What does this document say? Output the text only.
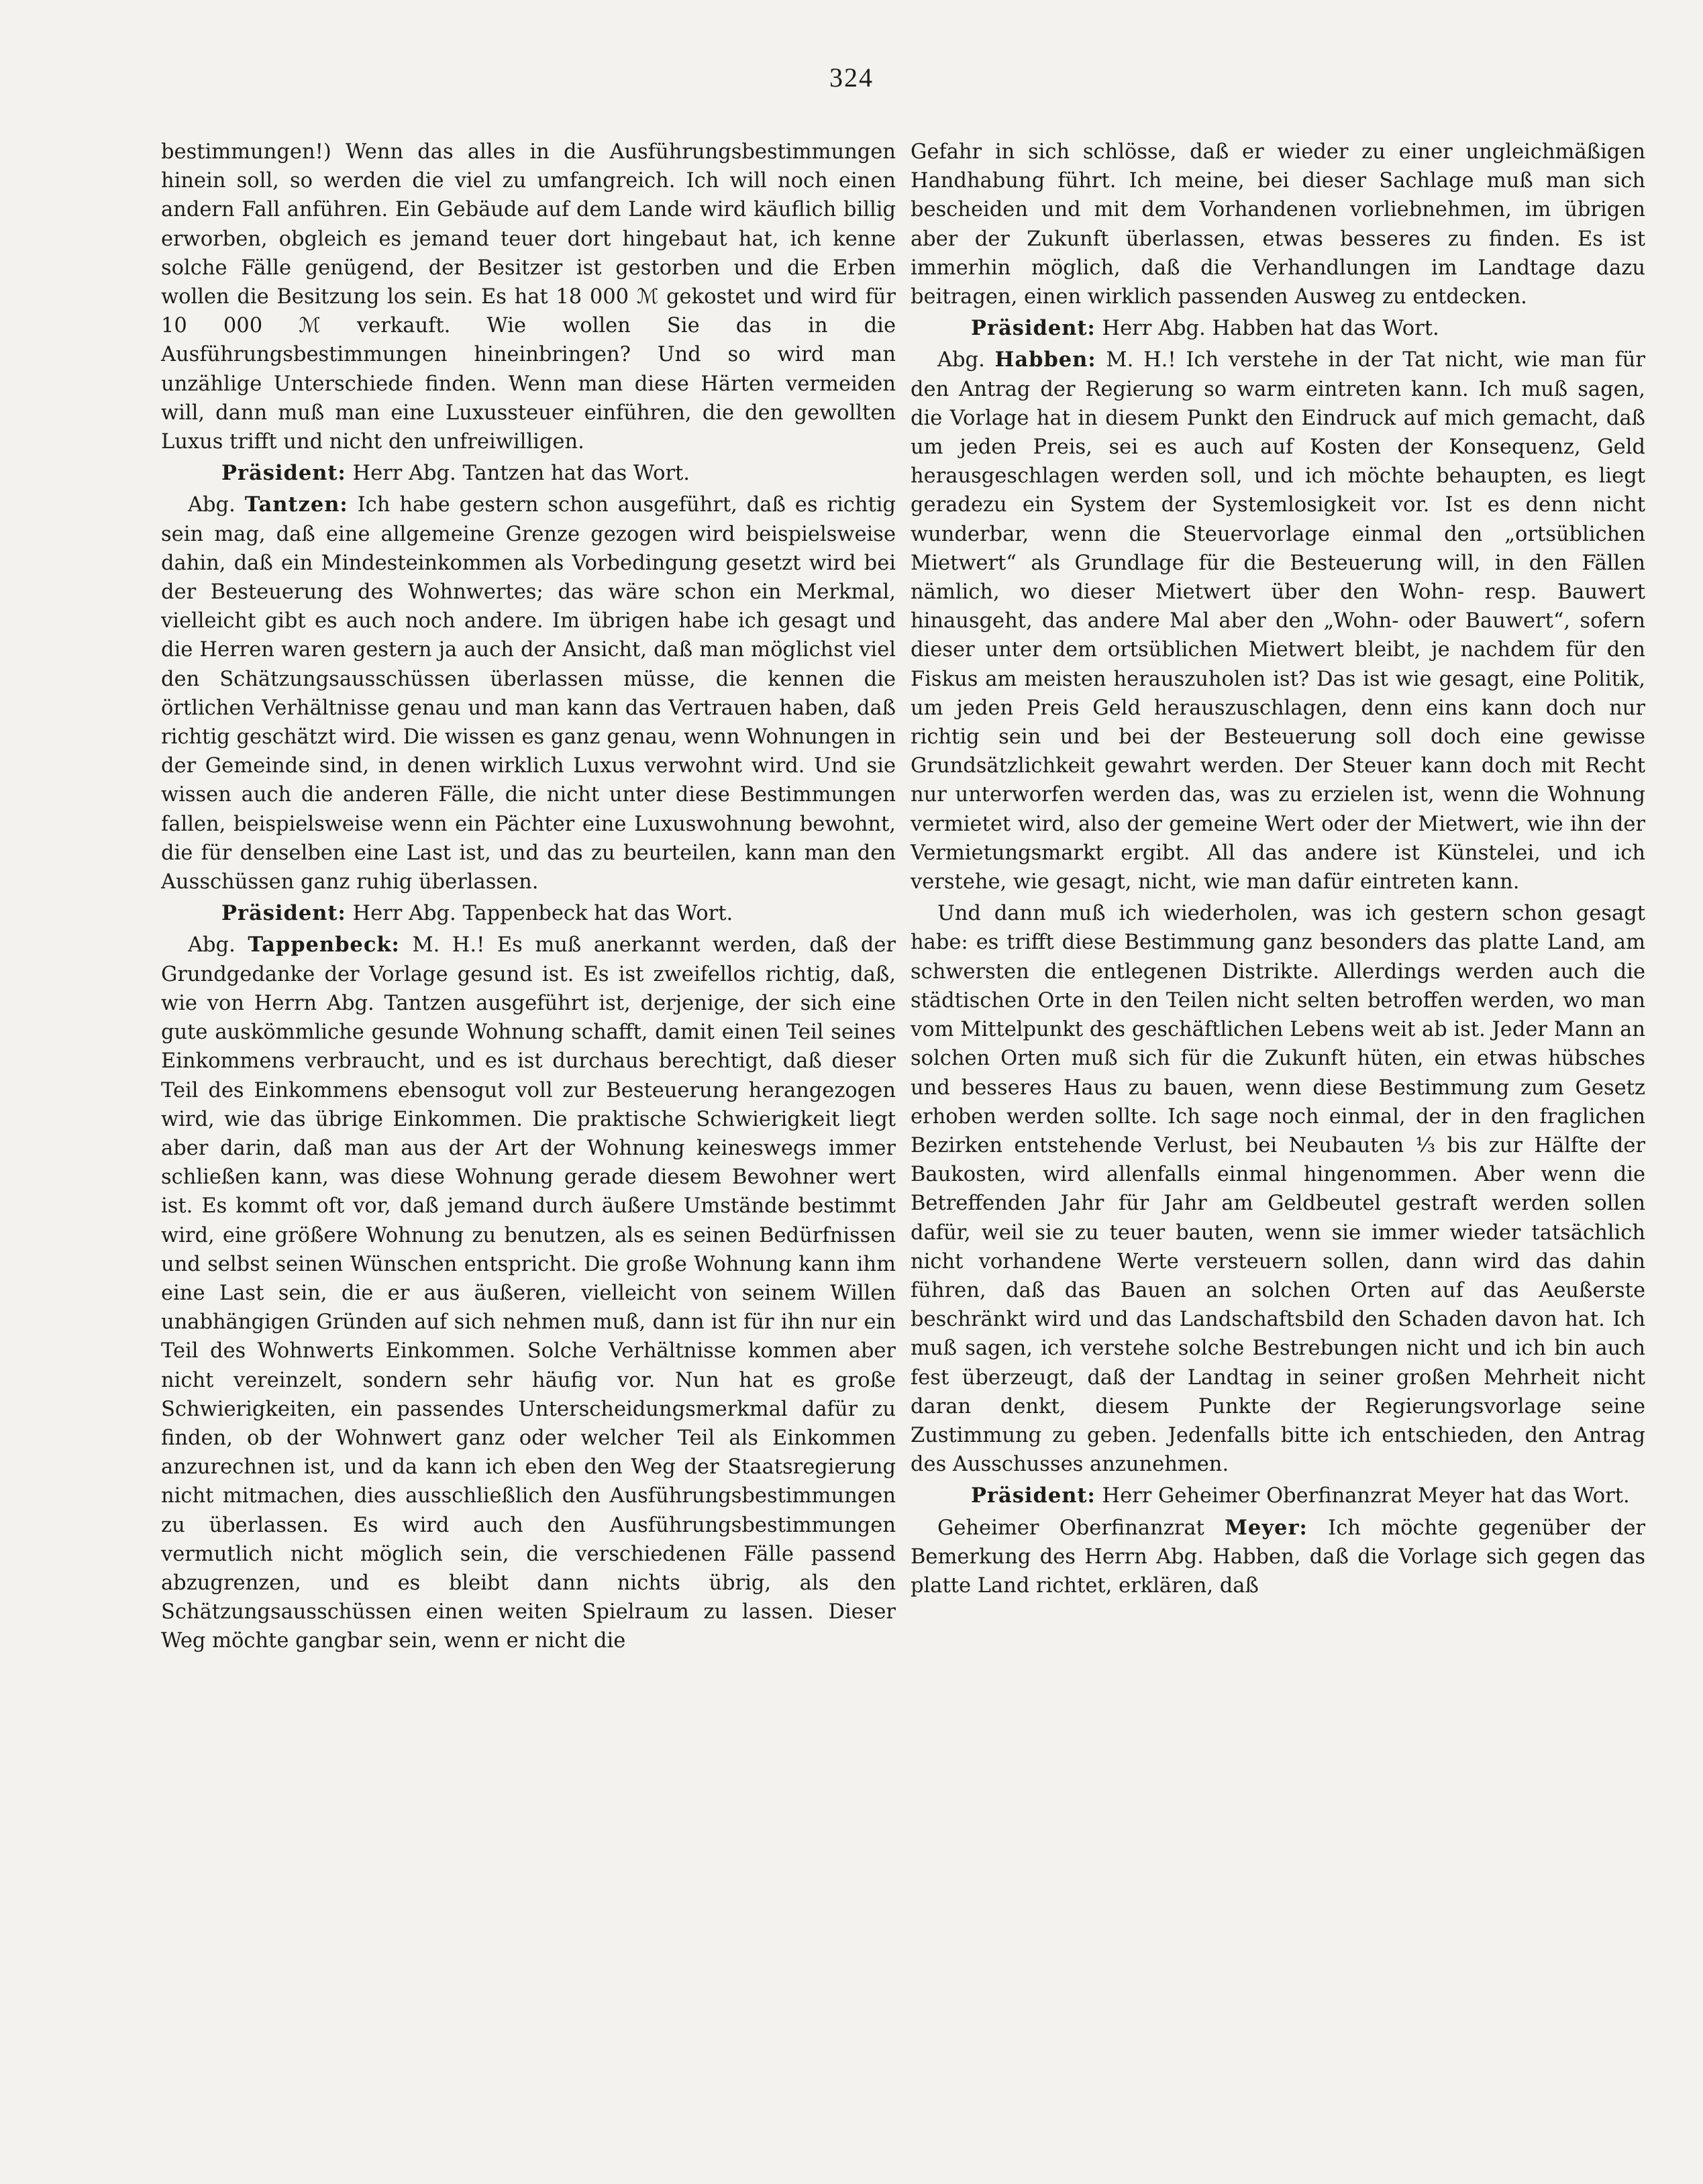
324

bestimmungen!) Wenn das alles in die Ausführungsbestimmungen hinein soll, so werden die viel zu umfangreich. Ich will noch einen andern Fall anführen. Ein Gebäude auf dem Lande wird käuflich billig erworben, obgleich es jemand teuer dort hingebaut hat, ich kenne solche Fälle genügend, der Besitzer ist gestorben und die Erben wollen die Besitzung los sein. Es hat 18 000 ℳ gekostet und wird für 10 000 ℳ verkauft. Wie wollen Sie das in die Ausführungsbestimmungen hineinbringen? Und so wird man unzählige Unterschiede finden. Wenn man diese Härten vermeiden will, dann muß man eine Luxussteuer einführen, die den gewollten Luxus trifft und nicht den unfreiwilligen.

Präsident: Herr Abg. Tantzen hat das Wort.

Abg. Tantzen: Ich habe gestern schon ausgeführt, daß es richtig sein mag, daß eine allgemeine Grenze gezogen wird beispielsweise dahin, daß ein Mindesteinkommen als Vorbedingung gesetzt wird bei der Besteuerung des Wohnwertes; das wäre schon ein Merkmal, vielleicht gibt es auch noch andere. Im übrigen habe ich gesagt und die Herren waren gestern ja auch der Ansicht, daß man möglichst viel den Schätzungsausschüssen überlassen müsse, die kennen die örtlichen Verhältnisse genau und man kann das Vertrauen haben, daß richtig geschätzt wird. Die wissen es ganz genau, wenn Wohnungen in der Gemeinde sind, in denen wirklich Luxus verwohnt wird. Und sie wissen auch die anderen Fälle, die nicht unter diese Bestimmungen fallen, beispielsweise wenn ein Pächter eine Luxuswohnung bewohnt, die für denselben eine Last ist, und das zu beurteilen, kann man den Ausschüssen ganz ruhig überlassen.

Präsident: Herr Abg. Tappenbeck hat das Wort.

Abg. Tappenbeck: M. H.! Es muß anerkannt werden, daß der Grundgedanke der Vorlage gesund ist. Es ist zweifellos richtig, daß, wie von Herrn Abg. Tantzen ausgeführt ist, derjenige, der sich eine gute auskömmliche gesunde Wohnung schafft, damit einen Teil seines Einkommens verbraucht, und es ist durchaus berechtigt, daß dieser Teil des Einkommens ebensogut voll zur Besteuerung herangezogen wird, wie das übrige Einkommen. Die praktische Schwierigkeit liegt aber darin, daß man aus der Art der Wohnung keineswegs immer schließen kann, was diese Wohnung gerade diesem Bewohner wert ist. Es kommt oft vor, daß jemand durch äußere Umstände bestimmt wird, eine größere Wohnung zu benutzen, als es seinen Bedürfnissen und selbst seinen Wünschen entspricht. Die große Wohnung kann ihm eine Last sein, die er aus äußeren, vielleicht von seinem Willen unabhängigen Gründen auf sich nehmen muß, dann ist für ihn nur ein Teil des Wohnwerts Einkommen. Solche Verhältnisse kommen aber nicht vereinzelt, sondern sehr häufig vor. Nun hat es große Schwierigkeiten, ein passendes Unterscheidungsmerkmal dafür zu finden, ob der Wohnwert ganz oder welcher Teil als Einkommen anzurechnen ist, und da kann ich eben den Weg der Staatsregierung nicht mitmachen, dies ausschließlich den Ausführungsbestimmungen zu überlassen. Es wird auch den Ausführungsbestimmungen vermutlich nicht möglich sein, die verschiedenen Fälle passend abzugrenzen, und es bleibt dann nichts übrig, als den Schätzungsausschüssen einen weiten Spielraum zu lassen. Dieser Weg möchte gangbar sein, wenn er nicht die

Gefahr in sich schlösse, daß er wieder zu einer ungleichmäßigen Handhabung führt. Ich meine, bei dieser Sachlage muß man sich bescheiden und mit dem Vorhandenen vorliebnehmen, im übrigen aber der Zukunft überlassen, etwas besseres zu finden. Es ist immerhin möglich, daß die Verhandlungen im Landtage dazu beitragen, einen wirklich passenden Ausweg zu entdecken.

Präsident: Herr Abg. Habben hat das Wort.

Abg. Habben: M. H.! Ich verstehe in der Tat nicht, wie man für den Antrag der Regierung so warm eintreten kann. Ich muß sagen, die Vorlage hat in diesem Punkt den Eindruck auf mich gemacht, daß um jeden Preis, sei es auch auf Kosten der Konsequenz, Geld herausgeschlagen werden soll, und ich möchte behaupten, es liegt geradezu ein System der Systemlosigkeit vor. Ist es denn nicht wunderbar, wenn die Steuervorlage einmal den „ortsüblichen Mietwert“ als Grundlage für die Besteuerung will, in den Fällen nämlich, wo dieser Mietwert über den Wohn- resp. Bauwert hinausgeht, das andere Mal aber den „Wohn- oder Bauwert“, sofern dieser unter dem ortsüblichen Mietwert bleibt, je nachdem für den Fiskus am meisten herauszuholen ist? Das ist wie gesagt, eine Politik, um jeden Preis Geld herauszuschlagen, denn eins kann doch nur richtig sein und bei der Besteuerung soll doch eine gewisse Grundsätzlichkeit gewahrt werden. Der Steuer kann doch mit Recht nur unterworfen werden das, was zu erzielen ist, wenn die Wohnung vermietet wird, also der gemeine Wert oder der Mietwert, wie ihn der Vermietungsmarkt ergibt. All das andere ist Künstelei, und ich verstehe, wie gesagt, nicht, wie man dafür eintreten kann.

Und dann muß ich wiederholen, was ich gestern schon gesagt habe: es trifft diese Bestimmung ganz besonders das platte Land, am schwersten die entlegenen Distrikte. Allerdings werden auch die städtischen Orte in den Teilen nicht selten betroffen werden, wo man vom Mittelpunkt des geschäftlichen Lebens weit ab ist. Jeder Mann an solchen Orten muß sich für die Zukunft hüten, ein etwas hübsches und besseres Haus zu bauen, wenn diese Bestimmung zum Gesetz erhoben werden sollte. Ich sage noch einmal, der in den fraglichen Bezirken entstehende Verlust, bei Neubauten ⅓ bis zur Hälfte der Baukosten, wird allenfalls einmal hingenommen. Aber wenn die Betreffenden Jahr für Jahr am Geldbeutel gestraft werden sollen dafür, weil sie zu teuer bauten, wenn sie immer wieder tatsächlich nicht vorhandene Werte versteuern sollen, dann wird das dahin führen, daß das Bauen an solchen Orten auf das Aeußerste beschränkt wird und das Landschaftsbild den Schaden davon hat. Ich muß sagen, ich verstehe solche Bestrebungen nicht und ich bin auch fest überzeugt, daß der Landtag in seiner großen Mehrheit nicht daran denkt, diesem Punkte der Regierungsvorlage seine Zustimmung zu geben. Jedenfalls bitte ich entschieden, den Antrag des Ausschusses anzunehmen.

Präsident: Herr Geheimer Oberfinanzrat Meyer hat das Wort.

Geheimer Oberfinanzrat Meyer: Ich möchte gegenüber der Bemerkung des Herrn Abg. Habben, daß die Vorlage sich gegen das platte Land richtet, erklären, daß
